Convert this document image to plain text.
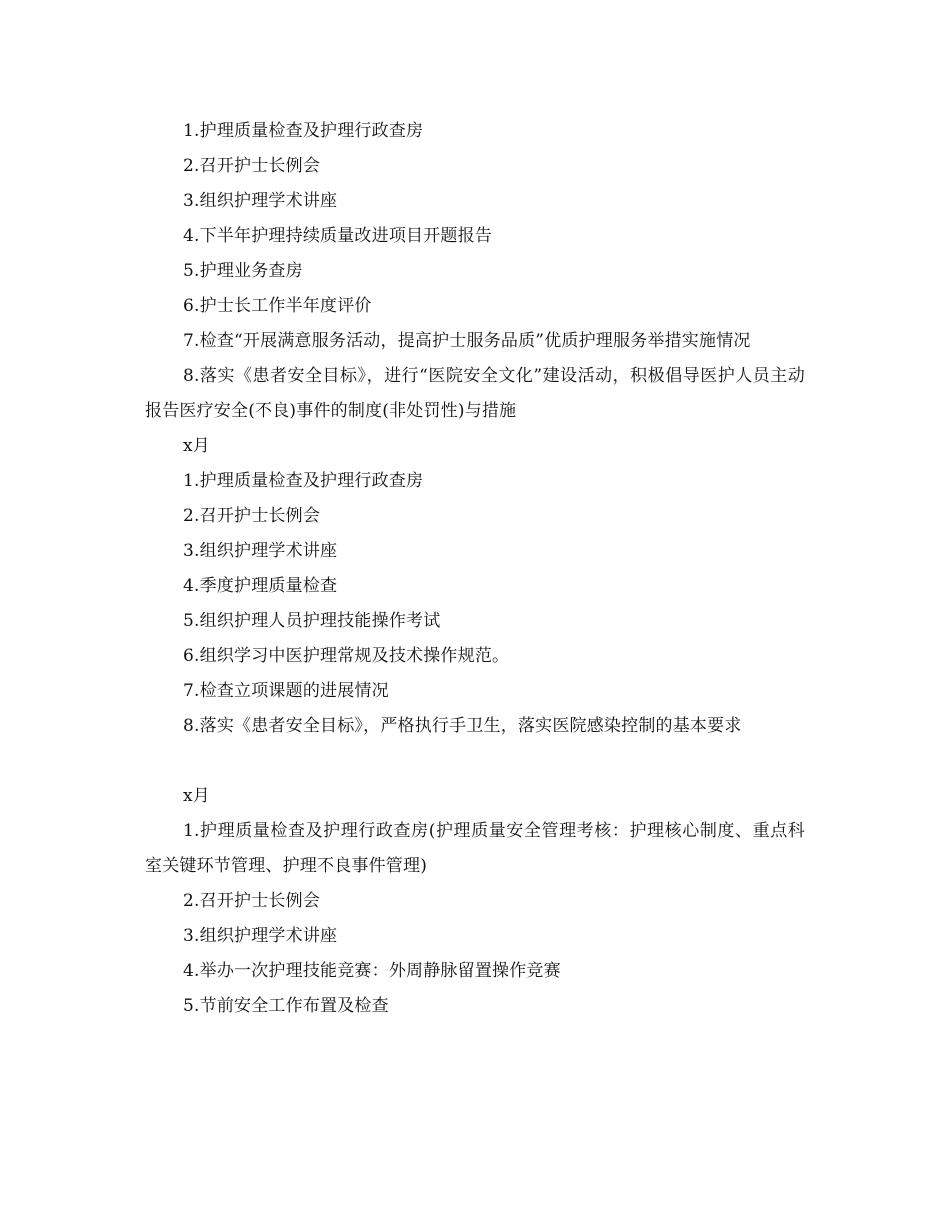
1.护理质量检查及护理行政查房

2.召开护士长例会

3.组织护理学术讲座

4.下半年护理持续质量改进项目开题报告

5.护理业务查房

6.护士长工作半年度评价

7.检查“开展满意服务活动，提高护士服务品质”优质护理服务举措实施情况

8.落实《患者安全目标》，进行“医院安全文化”建设活动，积极倡导医护人员主动报告医疗安全(不良)事件的制度(非处罚性)与措施

x月

1.护理质量检查及护理行政查房

2.召开护士长例会

3.组织护理学术讲座

4.季度护理质量检查

5.组织护理人员护理技能操作考试

6.组织学习中医护理常规及技术操作规范。

7.检查立项课题的进展情况

8.落实《患者安全目标》，严格执行手卫生，落实医院感染控制的基本要求

x月

1.护理质量检查及护理行政查房(护理质量安全管理考核：护理核心制度、重点科室关键环节管理、护理不良事件管理)

2.召开护士长例会

3.组织护理学术讲座

4.举办一次护理技能竞赛：外周静脉留置操作竞赛

5.节前安全工作布置及检查
